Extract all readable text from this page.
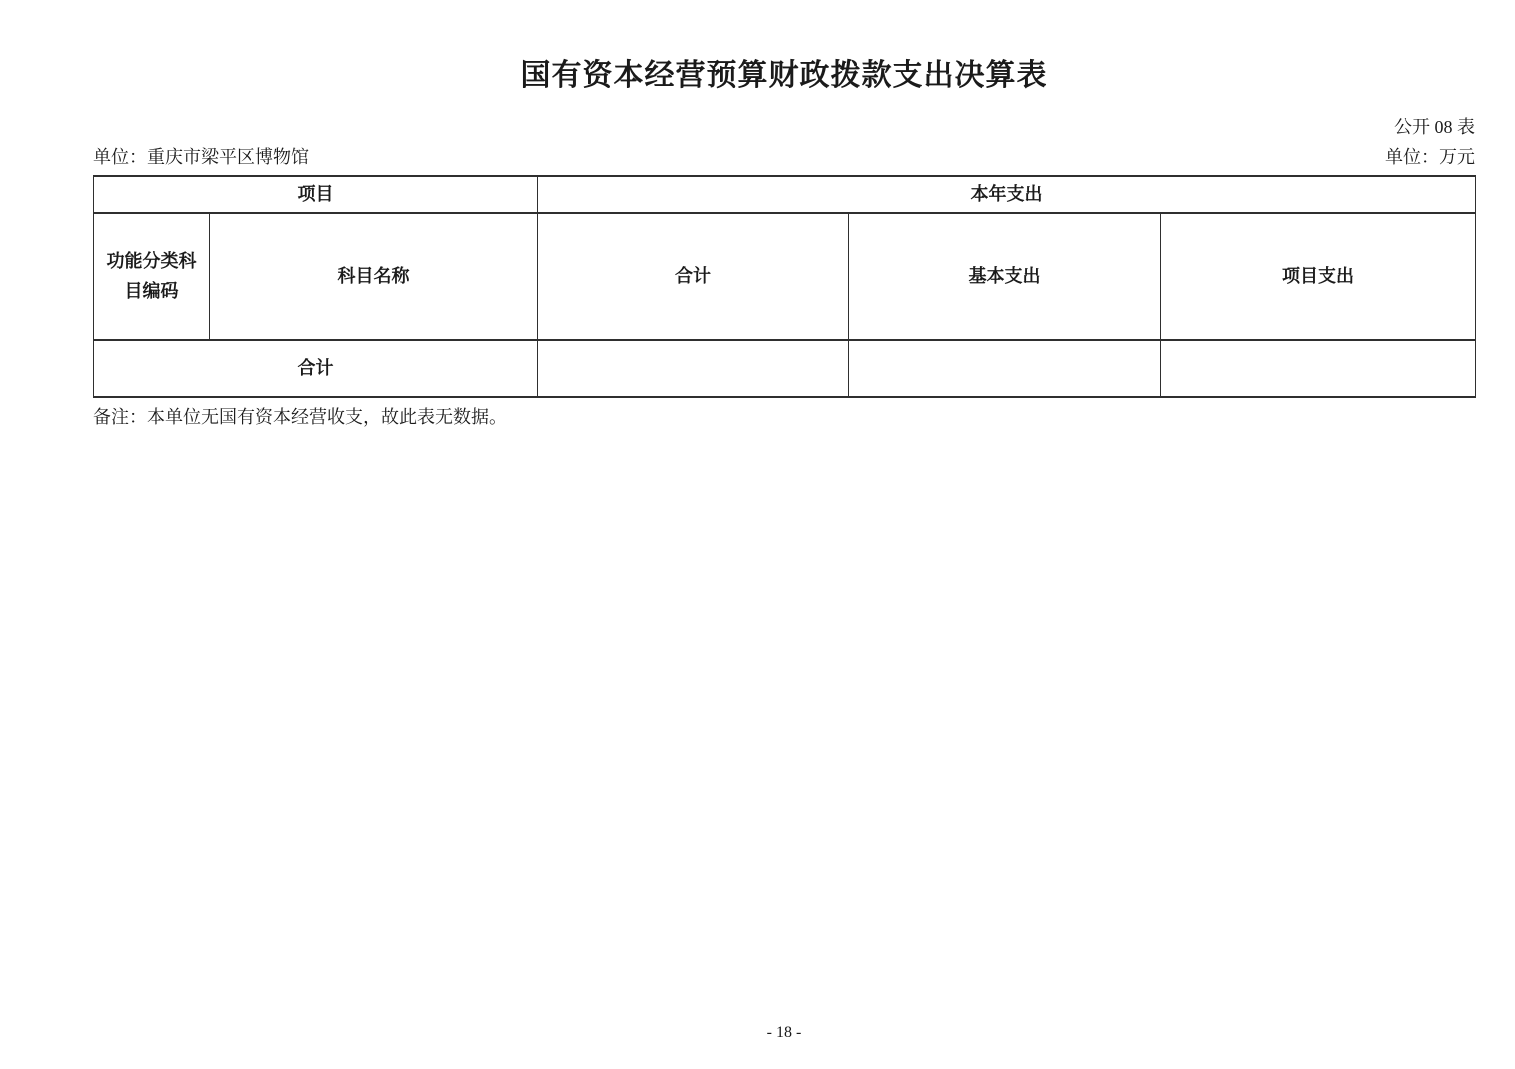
国有资本经营预算财政拨款支出决算表
公开 08 表
单位：重庆市梁平区博物馆	单位：万元
项目		本年支出		
功能分类科目编码	科目名称	合计	基本支出	项目支出
合计				
备注：本单位无国有资本经营收支，故此表无数据。
- 18 -
